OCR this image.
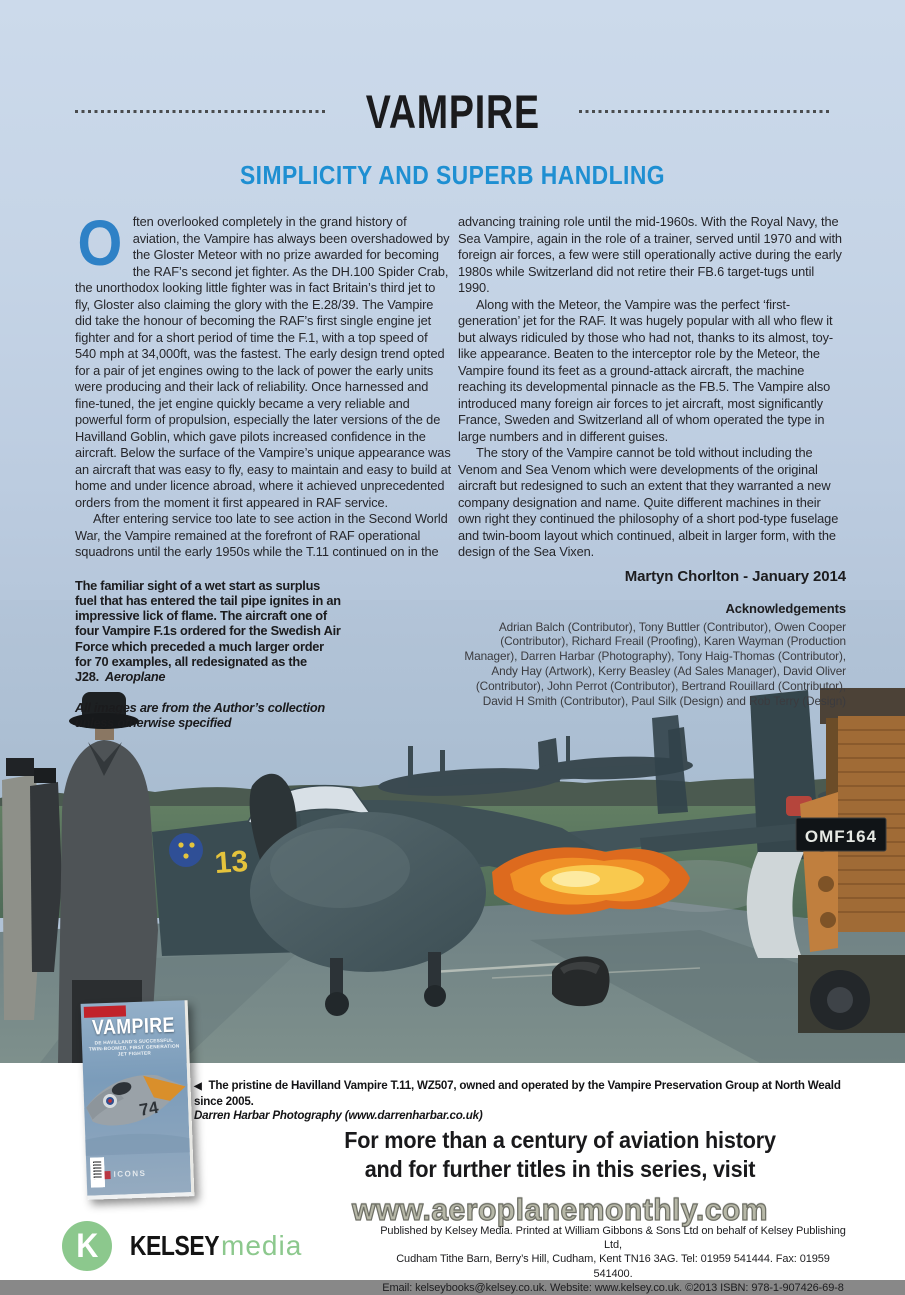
13
OMF164
VAMPIRE
SIMPLICITY AND SUPERB HANDLING

Often overlooked completely in the grand history of aviation, the Vampire has always been overshadowed by the Gloster Meteor with no prize awarded for becoming the RAF’s second jet fighter. As the DH.100 Spider Crab, the unorthodox looking little fighter was in fact Britain’s third jet to fly, Gloster also claiming the glory with the E.28/39. The Vampire did take the honour of becoming the RAF’s first single engine jet fighter and for a short period of time the F.1, with a top speed of 540 mph at 34,000ft, was the fastest. The early design trend opted for a pair of jet engines owing to the lack of power the early units were producing and their lack of reliability. Once harnessed and fine-tuned, the jet engine quickly became a very reliable and powerful form of propulsion, especially the later versions of the de Havilland Goblin, which gave pilots increased confidence in the aircraft. Below the surface of the Vampire’s unique appearance was an aircraft that was easy to fly, easy to maintain and easy to build at home and under licence abroad, where it achieved unprecedented orders from the moment it first appeared in RAF service.

After entering service too late to see action in the Second World War, the Vampire remained at the forefront of RAF operational squadrons until the early 1950s while the T.11 continued on in the

The familiar sight of a wet start as surplus fuel that has entered the tail pipe ignites in an impressive lick of flame. The aircraft one of four Vampire F.1s ordered for the Swedish Air Force which preceded a much larger order for 70 examples, all redesignated as the J28. Aeroplane
All images are from the Author’s collection unless otherwise specified

advancing training role until the mid-1960s. With the Royal Navy, the Sea Vampire, again in the role of a trainer, served until 1970 and with foreign air forces, a few were still operationally active during the early 1980s while Switzerland did not retire their FB.6 target-tugs until 1990.

Along with the Meteor, the Vampire was the perfect ‘first-generation’ jet for the RAF. It was hugely popular with all who flew it but always ridiculed by those who had not, thanks to its almost, toy-like appearance. Beaten to the interceptor role by the Meteor, the Vampire found its feet as a ground-attack aircraft, the machine reaching its developmental pinnacle as the FB.5. The Vampire also introduced many foreign air forces to jet aircraft, most significantly France, Sweden and Switzerland all of whom operated the type in large numbers and in different guises.

The story of the Vampire cannot be told without including the Venom and Sea Venom which were developments of the original aircraft but redesigned to such an extent that they warranted a new company designation and name. Quite different machines in their own right they continued the philosophy of a short pod-type fuselage and twin-boom layout which continued, albeit in larger form, with the design of the Sea Vixen.

Martyn Chorlton - January 2014
Acknowledgements
Adrian Balch (Contributor), Tony Buttler (Contributor), Owen Cooper (Contributor), Richard Freail (Proofing), Karen Wayman (Production Manager), Darren Harbar (Photography), Tony Haig-Thomas (Contributor), Andy Hay (Artwork), Kerry Beasley (Ad Sales Manager), David Oliver (Contributor), John Perrot (Contributor), Bertrand Rouillard (Contributor), David H Smith (Contributor), Paul Silk (Design) and Rob Terry (Design)
VAMPIRE
DE HAVILLAND’S SUCCESSFUL TWIN-BOOMED, FIRST GENERATION JET FIGHTER
74
ICONS
◀ The pristine de Havilland Vampire T.11, WZ507, owned and operated by the Vampire Preservation Group at North Weald since 2005.
Darren Harbar Photography (www.darrenharbar.co.uk)
For more than a century of aviation history
and for further titles in this series, visit
www.aeroplanemonthly.com
K KELSEY media	Published by Kelsey Media. Printed at William Gibbons & Sons Ltd on behalf of Kelsey Publishing Ltd,
Cudham Tithe Barn, Berry’s Hill, Cudham, Kent TN16 3AG. Tel: 01959 541444. Fax: 01959 541400.
Email: kelseybooks@kelsey.co.uk. Website: www.kelsey.co.uk. ©2013 ISBN: 978-1-907426-69-8
